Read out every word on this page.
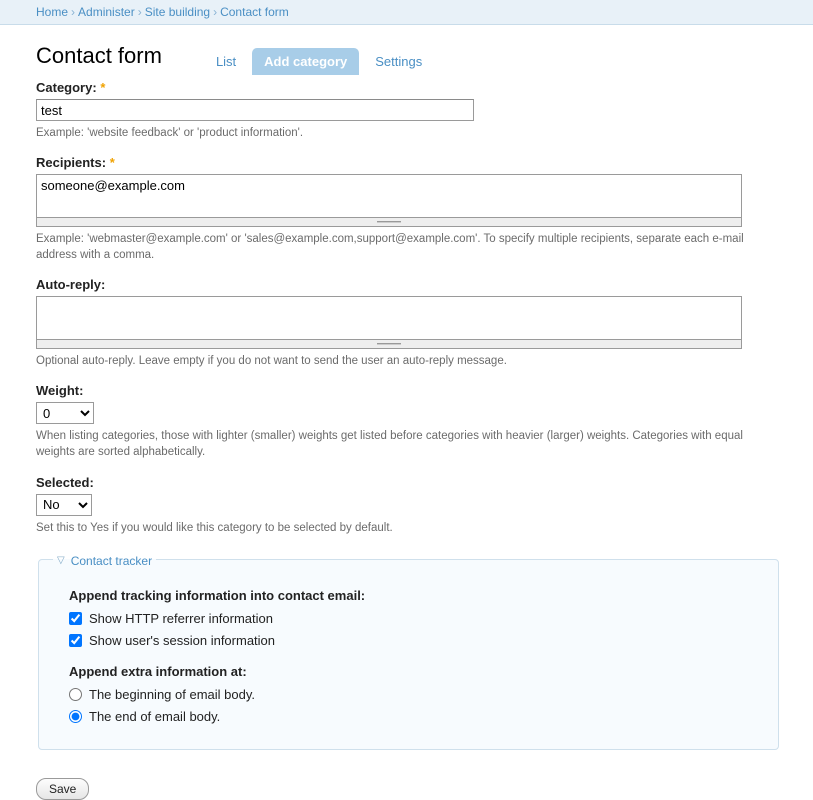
Home › Administer › Site building › Contact form
Contact form	List	Add category	Settings
Category: *
test
Example: 'website feedback' or 'product information'.
Recipients: *
someone@example.com
Example: 'webmaster@example.com' or 'sales@example.com,support@example.com'. To specify multiple recipients, separate each e-mail address with a comma.
Auto-reply:
Optional auto-reply. Leave empty if you do not want to send the user an auto-reply message.
Weight:
0
When listing categories, those with lighter (smaller) weights get listed before categories with heavier (larger) weights. Categories with equal weights are sorted alphabetically.
Selected:
No
Set this to Yes if you would like this category to be selected by default.
▽ Contact tracker
Append tracking information into contact email:
Show HTTP referrer information
Show user's session information
Append extra information at:
The beginning of email body.
The end of email body.
Save
